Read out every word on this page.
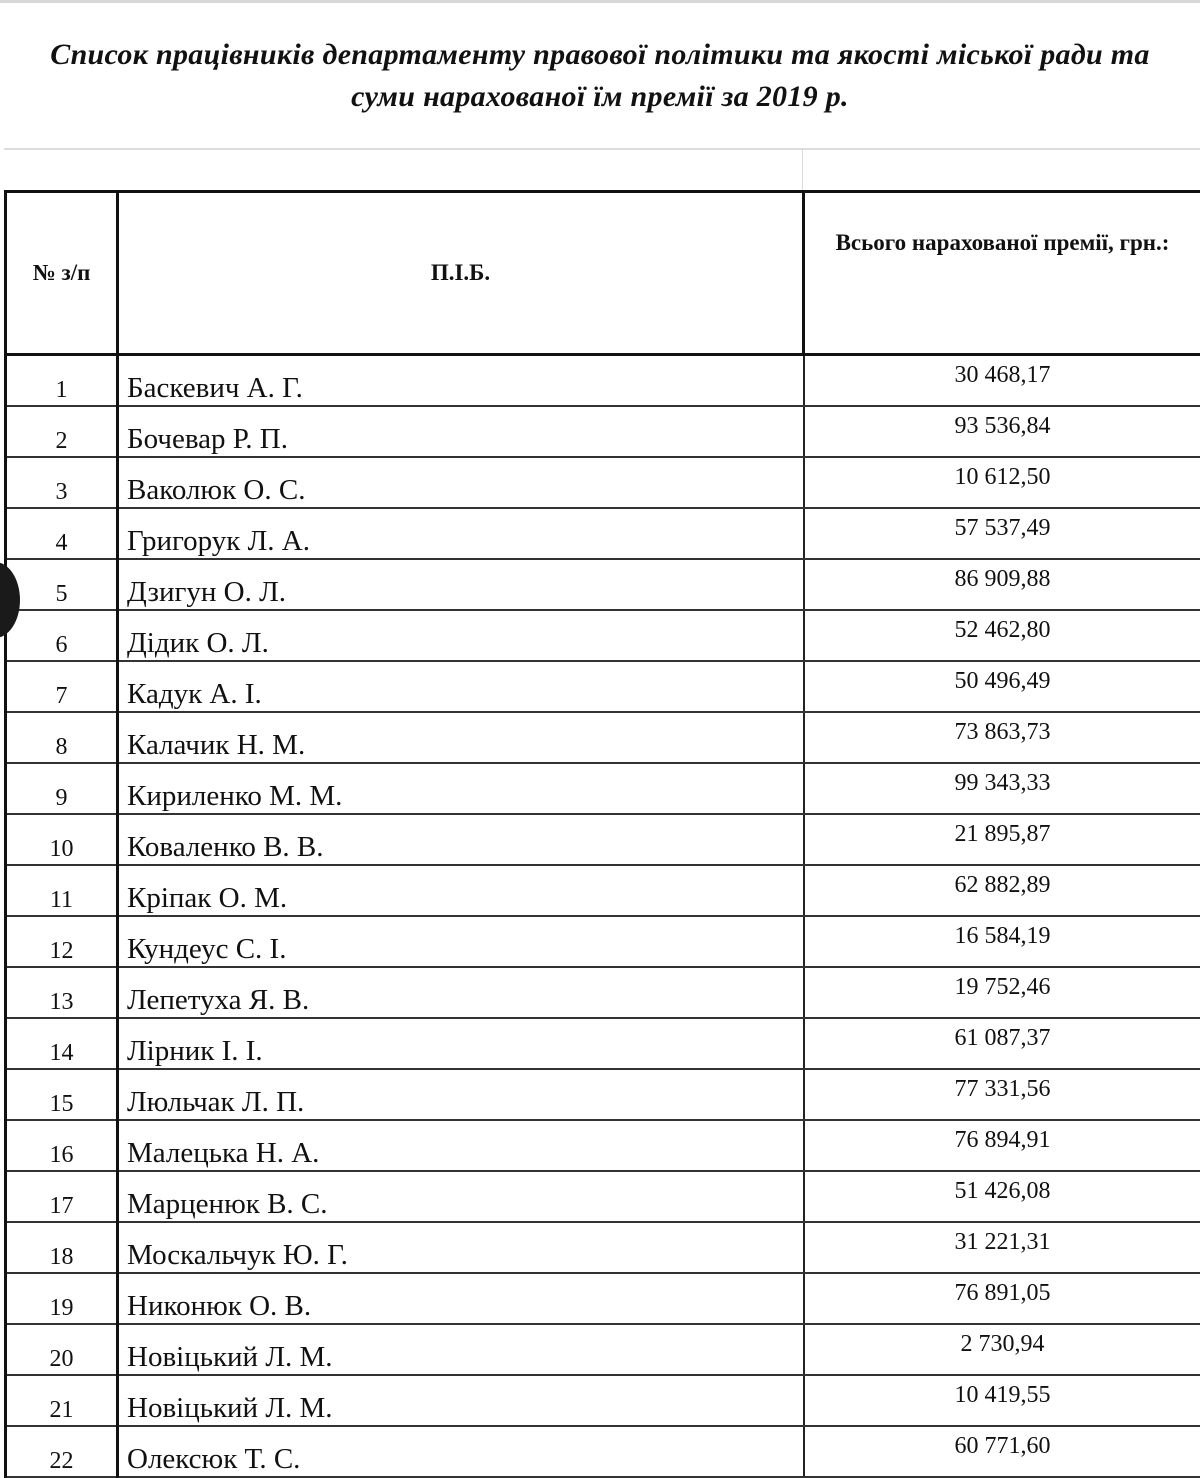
Список працівників департаменту правової політики та якості міської ради та
суми нарахованої їм премії за 2019 р.
№ з/п	П.І.Б.	Всього нарахованої премії, грн.:
1	Баскевич А. Г.	30 468,17
2	Бочевар Р. П.	93 536,84
3	Ваколюк О. С.	10 612,50
4	Григорук Л. А.	57 537,49
5	Дзигун О. Л.	86 909,88
6	Дідик О. Л.	52 462,80
7	Кадук А. І.	50 496,49
8	Калачик Н. М.	73 863,73
9	Кириленко М. М.	99 343,33
10	Коваленко В. В.	21 895,87
11	Кріпак О. М.	62 882,89
12	Кундеус С. І.	16 584,19
13	Лепетуха Я. В.	19 752,46
14	Лірник І. І.	61 087,37
15	Люльчак Л. П.	77 331,56
16	Малецька Н. А.	76 894,91
17	Марценюк В. С.	51 426,08
18	Москальчук Ю. Г.	31 221,31
19	Никонюк О. В.	76 891,05
20	Новіцький Л. М.	2 730,94
21	Новіцький Л. М.	10 419,55
22	Олексюк Т. С.	60 771,60
